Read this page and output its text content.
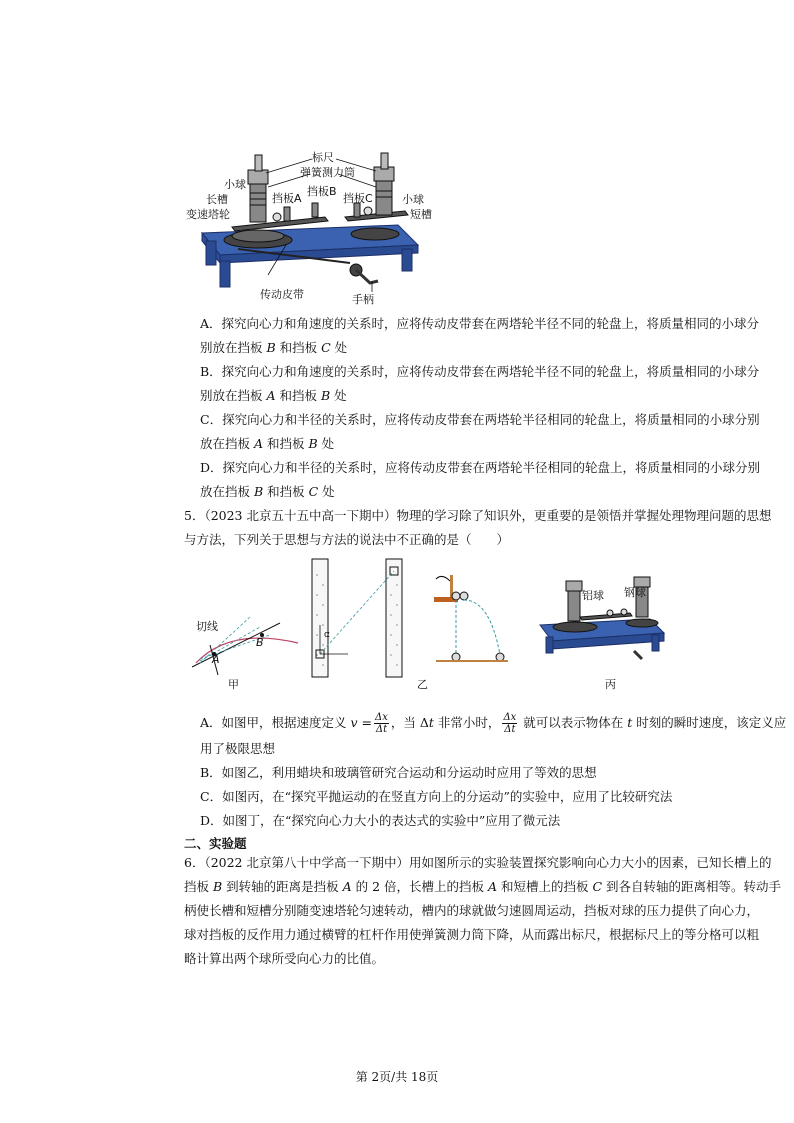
标尺
弹簧测力筒
小球
挡板A
挡板B
挡板C	小球
长槽
短槽
变速塔轮
传动皮带	手柄
A．探究向心力和角速度的关系时，应将传动皮带套在两塔轮半径不同的轮盘上，将质量相同的小球分
别放在挡板 B 和挡板 C 处
B．探究向心力和角速度的关系时，应将传动皮带套在两塔轮半径不同的轮盘上，将质量相同的小球分
别放在挡板 A 和挡板 B 处
C．探究向心力和半径的关系时，应将传动皮带套在两塔轮半径相同的轮盘上，将质量相同的小球分别
放在挡板 A 和挡板 B 处
D．探究向心力和半径的关系时，应将传动皮带套在两塔轮半径相同的轮盘上，将质量相同的小球分别
放在挡板 B 和挡板 C 处
5．（2023 北京五十五中高一下期中）物理的学习除了知识外，更重要的是领悟并掌握处理物理问题的思想
与方法，下列关于思想与方法的说法中不正确的是（　　）
切线
A
B
α
铝球 钢球
甲	乙	丙
A．如图甲，根据速度定义 $v = \frac{\Delta x}{\Delta t}$ ，当 Δt 非常小时， $\frac{\Delta x}{\Delta t}$ 就可以表示物体在 t 时刻的瞬时速度，该定义应
用了极限思想
B．如图乙，利用蜡块和玻璃管研究合运动和分运动时应用了等效的思想
C．如图丙，在“探究平抛运动的在竖直方向上的分运动”的实验中，应用了比较研究法
D．如图丁，在“探究向心力大小的表达式的实验中”应用了微元法
二、实验题
6．（2022 北京第八十中学高一下期中）用如图所示的实验装置探究影响向心力大小的因素，已知长槽上的
挡板 B 到转轴的距离是挡板 A 的 2 倍，长槽上的挡板 A 和短槽上的挡板 C 到各自转轴的距离相等。转动手
柄使长槽和短槽分别随变速塔轮匀速转动，槽内的球就做匀速圆周运动，挡板对球的压力提供了向心力，
球对挡板的反作用力通过横臂的杠杆作用使弹簧测力筒下降，从而露出标尺，根据标尺上的等分格可以粗
略计算出两个球所受向心力的比值。
第 2页/共 18页
